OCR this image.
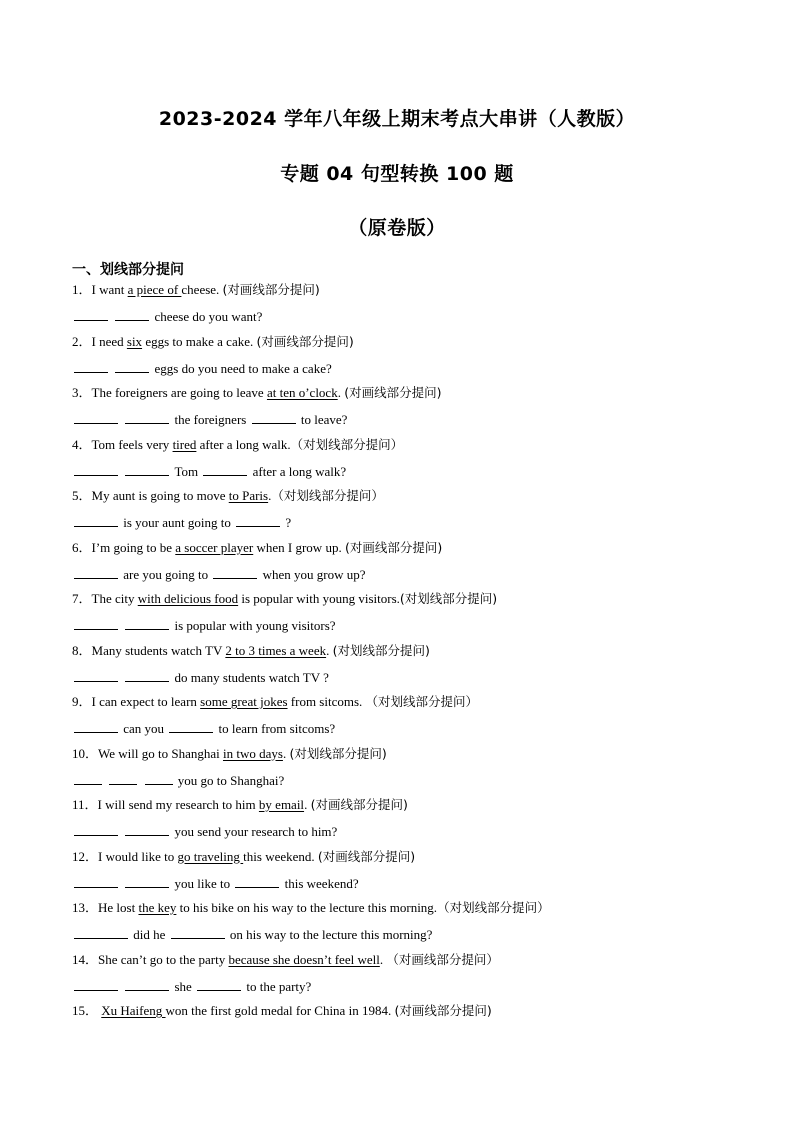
2023-2024 学年八年级上期末考点大串讲（人教版）
专题 04 句型转换 100 题
（原卷版）
一、划线部分提问
1．I want a piece of cheese. (对画线部分提问)
cheese do you want?
2．I need six eggs to make a cake. (对画线部分提问)
eggs do you need to make a cake?
3．The foreigners are going to leave at ten o’clock. (对画线部分提问)
the foreigners	to leave?
4．Tom feels very tired after a long walk.（对划线部分提问）
Tom	after a long walk?
5．My aunt is going to move to Paris.（对划线部分提问）
is your aunt going to	?
6．I’m going to be a soccer player when I grow up. (对画线部分提问)
are you going to	when you grow up?
7．The city with delicious food is popular with young visitors.(对划线部分提问)
is popular with young visitors?
8．Many students watch TV 2 to 3 times a week. (对划线部分提问)
do many students watch TV ?
9．I can expect to learn some great jokes from sitcoms. （对划线部分提问）
can you	to learn from sitcoms?
10．We will go to Shanghai in two days. (对划线部分提问)
you go to Shanghai?
11．I will send my research to him by email. (对画线部分提问)
you send your research to him?
12．I would like to go traveling this weekend. (对画线部分提问)
you like to	this weekend?
13．He lost the key to his bike on his way to the lecture this morning.（对划线部分提问）
did he	on his way to the lecture this morning?
14．She can’t go to the party because she doesn’t feel well. （对画线部分提问）
she	to the party?
15． Xu Haifeng won the first gold medal for China in 1984. (对画线部分提问)
